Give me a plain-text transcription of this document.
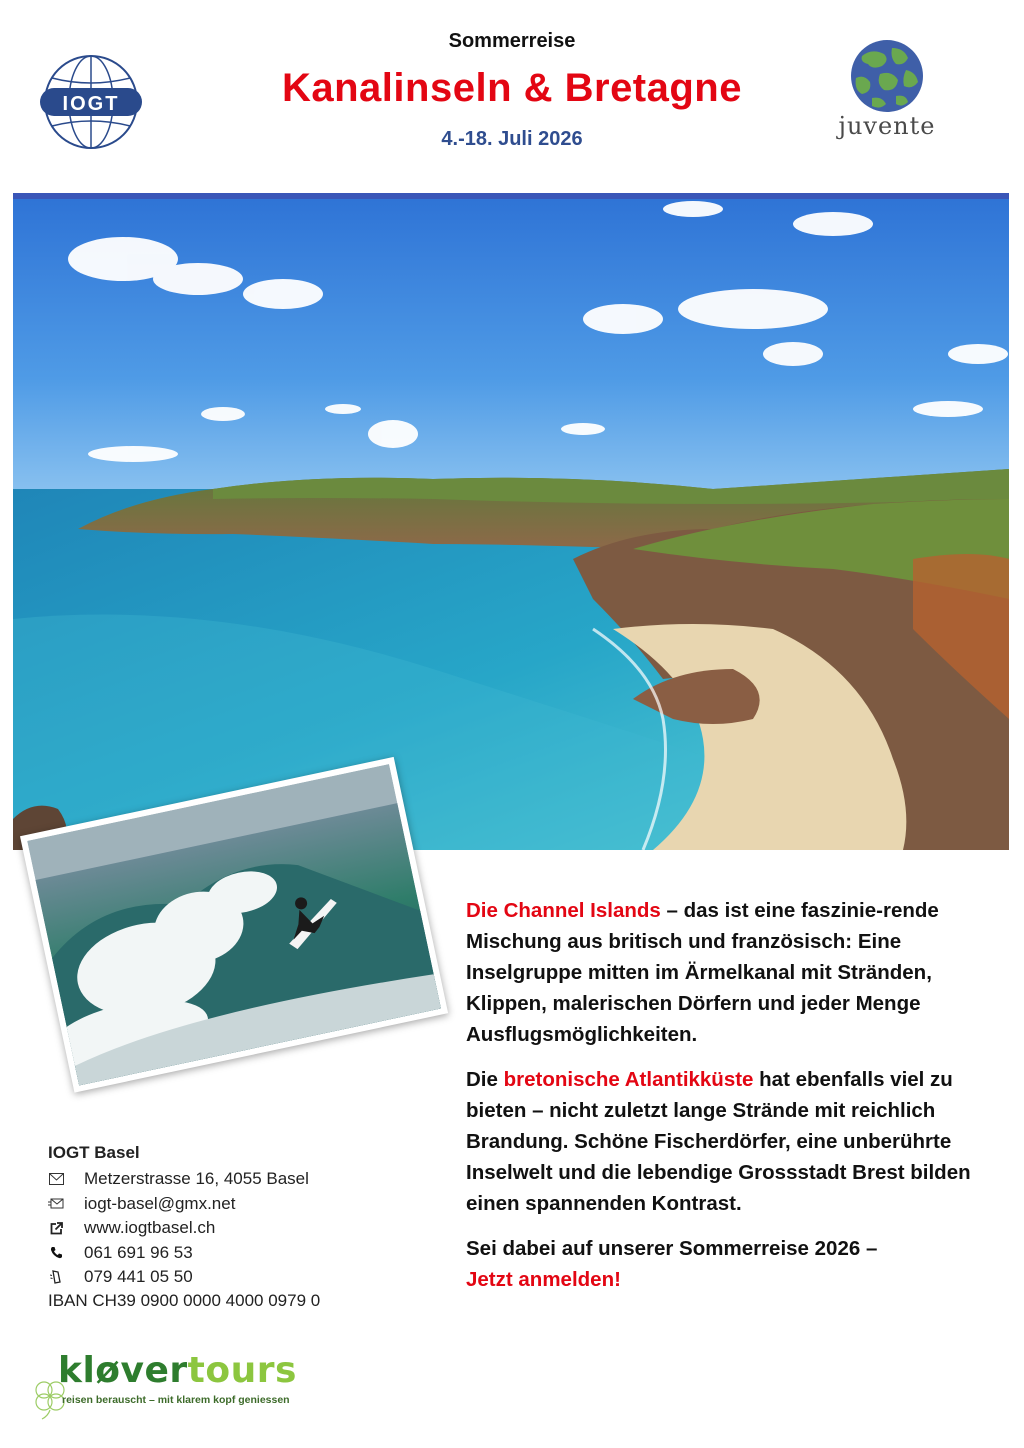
Sommerreise
Kanalinseln & Bretagne
4.-18. Juli 2026
IOGT
juvente

Die Channel Islands – das ist eine faszinie-rende Mischung aus britisch und französisch: Eine Inselgruppe mitten im Ärmelkanal mit Stränden, Klippen, malerischen Dörfern und jeder Menge Ausflugsmöglichkeiten.

Die bretonische Atlantikküste hat ebenfalls viel zu bieten – nicht zuletzt lange Strände mit reichlich Brandung. Schöne Fischerdörfer, eine unberührte Inselwelt und die lebendige Grossstadt Brest bilden einen spannenden Kontrast.

Sei dabei auf unserer Sommerreise 2026 –
Jetzt anmelden!

IOGT Basel
Metzerstrasse 16, 4055 Basel
iogt-basel@gmx.net
www.iogtbasel.ch
061 691 96 53
079 441 05 50
IBAN CH39 0900 0000 4000 0979 0
kløvertours
reisen berauscht – mit klarem kopf geniessen
